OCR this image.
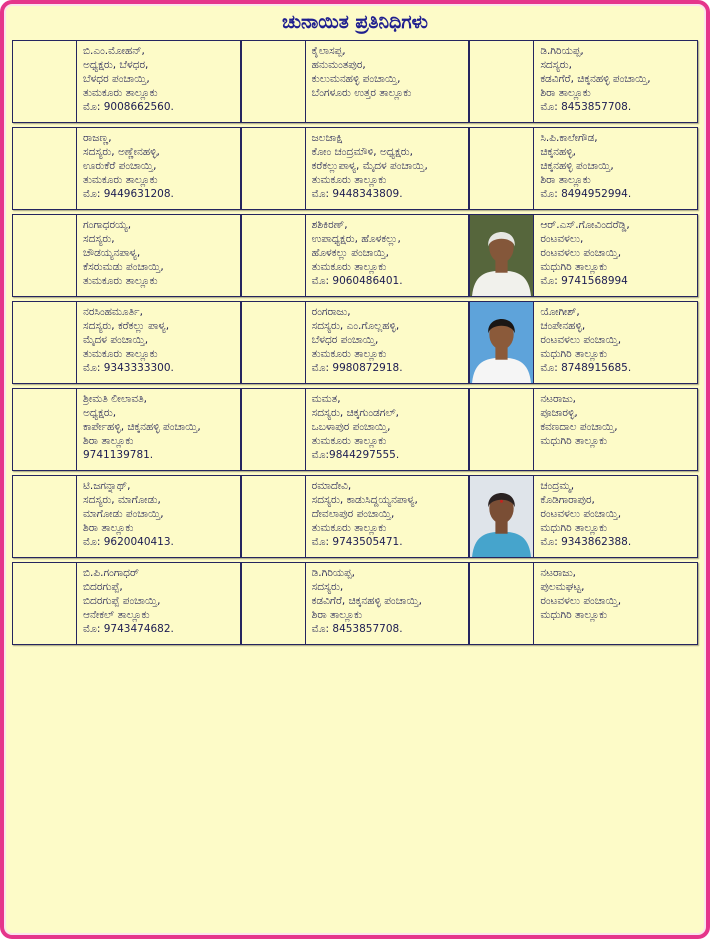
ಚುನಾಯಿತ ಪ್ರತಿನಿಧಿಗಳು
ಬಿ.ಎಂ.ಮೋಹನ್,
ಅಧ್ಯಕ್ಷರು, ಬೆಳಧರ,
ಬೆಳಧರ ಪಂಚಾಯ್ತಿ,
ತುಮಕೂರು ತಾಲ್ಲೂಕು
ಮೊ: 9008662560.
ಕೈಲಾಸಪ್ಪ,
ಹನುಮಂತಪುರ,
ಕುಲುಮನಹಳ್ಳಿ ಪಂಚಾಯ್ತಿ,
ಬೆಂಗಳೂರು ಉತ್ತರ ತಾಲ್ಲೂಕು
ಡಿ.ಗಿರಿಯಪ್ಪ,
ಸದಸ್ಯರು,
ಕಡವಿಗೆರೆ, ಚಿಕ್ಕನಹಳ್ಳಿ ಪಂಚಾಯ್ತಿ,
ಶಿರಾ ತಾಲ್ಲೂಕು
ಮೊ: 8453857708.
ರಾಜಣ್ಣ,
ಸದಸ್ಯರು, ಅಣ್ಣೇನಹಳ್ಳಿ,
ಊರುಕೆರೆ ಪಂಚಾಯ್ತಿ,
ತುಮಕೂರು ತಾಲ್ಲೂಕು
ಮೊ: 9449631208.
ಜಲಜಾಕ್ಷಿ
ಕೋಂ ಚಂದ್ರಮೌಳಿ, ಅಧ್ಯಕ್ಷರು,
ಕರೆಕಲ್ಲುಪಾಳ್ಯ, ಮೈದಳ ಪಂಚಾಯ್ತಿ,
ತುಮಕೂರು ತಾಲ್ಲೂಕು
ಮೊ: 9448343809.
ಸಿ.ಪಿ.ಕಾಲೇಗೌಡ,
ಚಿಕ್ಕನಹಳ್ಳಿ,
ಚಿಕ್ಕನಹಳ್ಳಿ ಪಂಚಾಯ್ತಿ,
ಶಿರಾ ತಾಲ್ಲೂಕು
ಮೊ: 8494952994.
ಗಂಗಾಧರಯ್ಯ,
ಸದಸ್ಯರು,
ಚೌಡಯ್ಯನಪಾಳ್ಯ,
ಕೆಸರುಮಡು ಪಂಚಾಯ್ತಿ,
ತುಮಕೂರು ತಾಲ್ಲೂಕು
ಶಶಿಕಿರಣ್,
ಉಪಾಧ್ಯಕ್ಷರು, ಹೊಳಕಲ್ಲು,
ಹೊಳಕಲ್ಲು ಪಂಚಾಯ್ತಿ,
ತುಮಕೂರು ತಾಲ್ಲೂಕು
ಮೊ: 9060486401.
ಆರ್.ಎಸ್.ಗೋವಿಂದರೆಡ್ಡಿ,
ರಂಟವಳಲು,
ರಂಟವಳಲು ಪಂಚಾಯ್ತಿ,
ಮಧುಗಿರಿ ತಾಲ್ಲೂಕು
ಮೊ: 9741568994
ನರಸಿಂಹಮೂರ್ತಿ,
ಸದಸ್ಯರು, ಕರೆಕಲ್ಲು ಪಾಳ್ಯ,
ಮೈದಳ ಪಂಚಾಯ್ತಿ,
ತುಮಕೂರು ತಾಲ್ಲೂಕು
ಮೊ: 9343333300.
ರಂಗರಾಜು,
ಸದಸ್ಯರು, ಎಂ.ಗೊಲ್ಲಹಳ್ಳಿ,
ಬೆಳಧರ ಪಂಚಾಯ್ತಿ,
ತುಮಕೂರು ತಾಲ್ಲೂಕು
ಮೊ: 9980872918.
ಯೋಗೀಶ್,
ಚಂಪೇನಹಳ್ಳಿ,
ರಂಟವಳಲು ಪಂಚಾಯ್ತಿ,
ಮಧುಗಿರಿ ತಾಲ್ಲೂಕು
ಮೊ: 8748915685.
ಶ್ರೀಮತಿ ಲೀಲಾವತಿ,
ಅಧ್ಯಕ್ಷರು,
ಕಾರ್ಪೇಹಳ್ಳಿ, ಚಿಕ್ಕನಹಳ್ಳಿ ಪಂಚಾಯ್ತಿ,
ಶಿರಾ ತಾಲ್ಲೂಕು
9741139781.
ಮಮತ,
ಸದಸ್ಯರು, ಚಿಕ್ಕಗುಂಡಗಲ್,
ಒಬಳಾಪುರ ಪಂಚಾಯ್ತಿ,
ತುಮಕೂರು ತಾಲ್ಲೂಕು
ಮೊ:9844297555.
ನಟರಾಜು,
ಪೂಜಾರಳ್ಳಿ,
ಕವಣದಾಲ ಪಂಚಾಯ್ತಿ,
ಮಧುಗಿರಿ ತಾಲ್ಲೂಕು
ಟಿ.ಜಗನ್ನಾಥ್,
ಸದಸ್ಯರು, ಮಾಗೋಡು,
ಮಾಗೋಡು ಪಂಚಾಯ್ತಿ,
ಶಿರಾ ತಾಲ್ಲೂಕು
ಮೊ: 9620040413.
ರಮಾದೇವಿ,
ಸದಸ್ಯರು, ಕಾಡುಸಿದ್ದಯ್ಯನಪಾಳ್ಯ,
ದೇವಲಾಪುರ ಪಂಚಾಯ್ತಿ,
ತುಮಕೂರು ತಾಲ್ಲೂಕು
ಮೊ: 9743505471.
ಚಂದ್ರಮ್ಮ,
ಕೊಡಿಗಾರಾಪುರ,
ರಂಟವಳಲು ಪಂಚಾಯ್ತಿ,
ಮಧುಗಿರಿ ತಾಲ್ಲೂಕು
ಮೊ: 9343862388.
ಬಿ.ಪಿ.ಗಂಗಾಧರ್
ಬಿದರಗುಪ್ಪೆ,
ಬಿದರಗುಪ್ಪೆ ಪಂಚಾಯ್ತಿ,
ಆನೇಕಲ್ ತಾಲ್ಲೂಕು
ಮೊ: 9743474682.
ಡಿ.ಗಿರಿಯಪ್ಪ,
ಸದಸ್ಯರು,
ಕಡವಿಗೆರೆ, ಚಿಕ್ಕನಹಳ್ಳಿ ಪಂಚಾಯ್ತಿ,
ಶಿರಾ ತಾಲ್ಲೂಕು
ಮೊ: 8453857708.
ನಟರಾಜು,
ಪುಲಮಘಟ್ಟ,
ರಂಟವಳಲು ಪಂಚಾಯ್ತಿ,
ಮಧುಗಿರಿ ತಾಲ್ಲೂಕು
